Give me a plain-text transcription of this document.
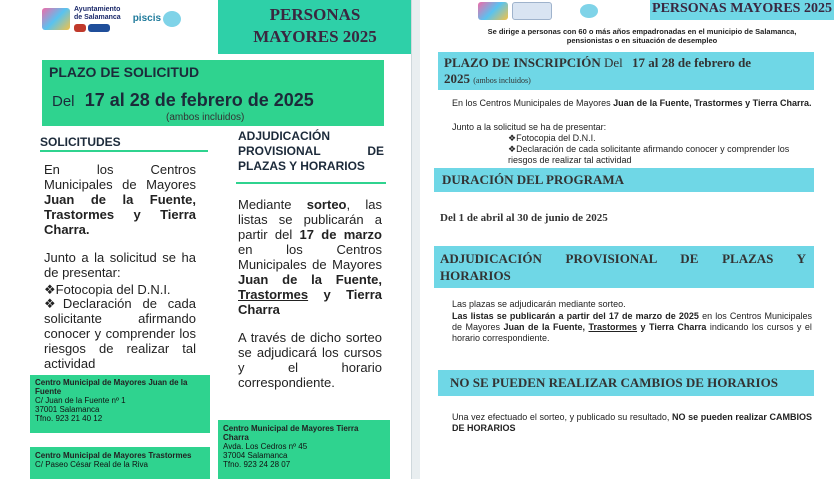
Ayuntamiento
de Salamanca piscis	PERSONAS
MAYORES 2025
PLAZO DE SOLICITUD
Del 17 al 28 de febrero de 2025
(ambos incluidos)
SOLICITUDES
En los Centros Municipales de Mayores Juan de la Fuente, Trastormes y Tierra Charra.
Junto a la solicitud se ha de presentar:
❖Fotocopia del D.N.I.
❖Declaración de cada solicitante afirmando conocer y comprender los riesgos de realizar tal actividad
ADJUDICACIÓN
PROVISIONAL DE
PLAZAS Y HORARIOS
Mediante sorteo, las listas se publicarán a partir del 17 de marzo en los Centros Municipales de Mayores Juan de la Fuente, Trastormes y Tierra Charra
A través de dicho sorteo se adjudicará los cursos y el horario correspondiente.
Centro Municipal de Mayores Juan de la Fuente
C/ Juan de la Fuente nº 1
37001 Salamanca
Tfno. 923 21 40 12
Centro Municipal de Mayores Tierra Charra
Avda. Los Cedros nº 45
37004 Salamanca
Tfno. 923 24 28 07
Centro Municipal de Mayores Trastormes
C/ Paseo César Real de la Riva
PERSONAS MAYORES 2025
Se dirige a personas con 60 o más años empadronadas en el municipio de Salamanca,
pensionistas o en situación de desempleo
PLAZO DE INSCRIPCIÓN Del 17 al 28 de febrero de
2025 (ambos incluidos)
En los Centros Municipales de Mayores Juan de la Fuente, Trastormes y Tierra Charra.
Junto a la solicitud se ha de presentar:
❖Fotocopia del D.N.I.
❖Declaración de cada solicitante afirmando conocer y comprender los riesgos de realizar tal actividad
DURACIÓN DEL PROGRAMA
Del 1 de abril al 30 de junio de 2025
ADJUDICACIÓN PROVISIONAL DE PLAZAS Y
HORARIOS
Las plazas se adjudicarán mediante sorteo.
Las listas se publicarán a partir del 17 de marzo de 2025 en los Centros Municipales de Mayores Juan de la Fuente, Trastormes y Tierra Charra indicando los cursos y el horario correspondiente.
NO SE PUEDEN REALIZAR CAMBIOS DE HORARIOS
Una vez efectuado el sorteo, y publicado su resultado, NO se pueden realizar CAMBIOS DE HORARIOS
